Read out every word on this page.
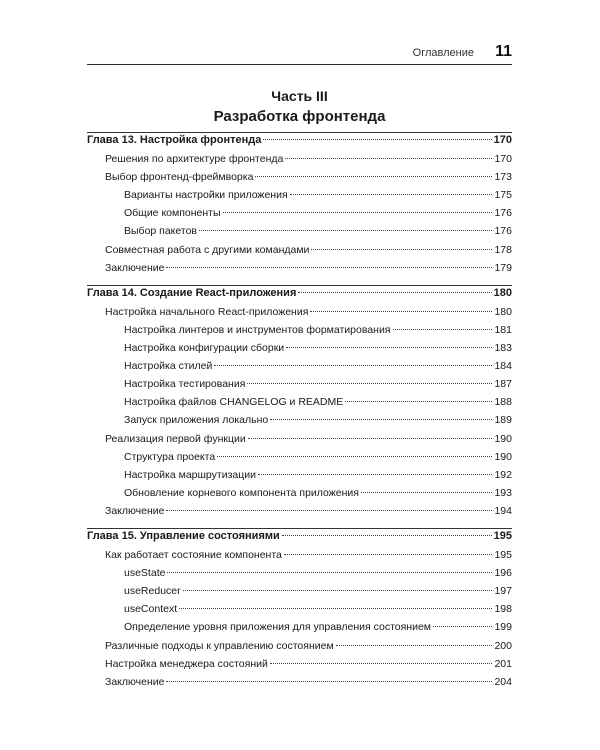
Оглавление 11
Часть III
Разработка фронтенда
Глава 13. Настройка фронтенда	170
Решения по архитектуре фронтенда	170
Выбор фронтенд-фреймворка	173
Варианты настройки приложения	175
Общие компоненты	176
Выбор пакетов	176
Совместная работа с другими командами	178
Заключение	179
Глава 14. Создание React-приложения	180
Настройка начального React-приложения	180
Настройка линтеров и инструментов форматирования	181
Настройка конфигурации сборки	183
Настройка стилей	184
Настройка тестирования	187
Настройка файлов CHANGELOG и README	188
Запуск приложения локально	189
Реализация первой функции	190
Структура проекта	190
Настройка маршрутизации	192
Обновление корневого компонента приложения	193
Заключение	194
Глава 15. Управление состояниями	195
Как работает состояние компонента	195
useState	196
useReducer	197
useContext	198
Определение уровня приложения для управления состоянием	199
Различные подходы к управлению состоянием	200
Настройка менеджера состояний	201
Заключение	204
